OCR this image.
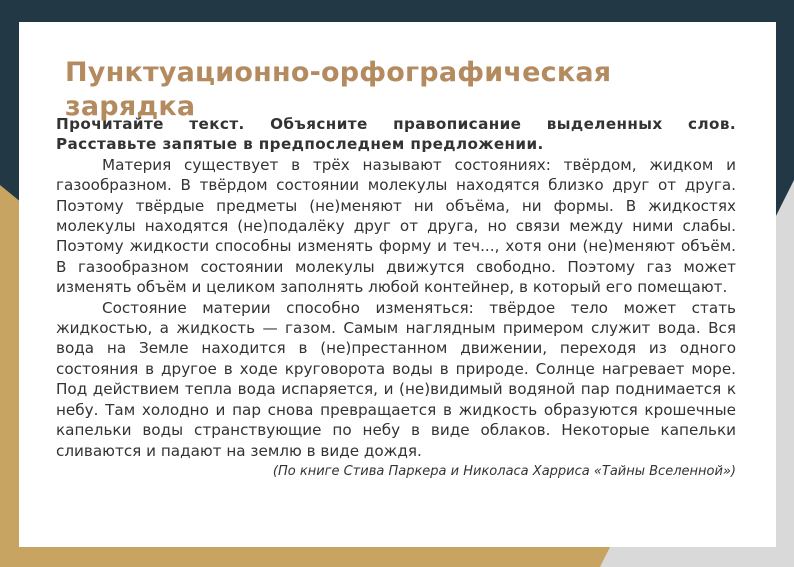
Пунктуационно-орфографическая зарядка
Прочитайте текст. Объясните правописание выделенных слов. Расставьте запятые в предпоследнем предложении.

Материя существует в трёх называют состояниях: твёрдом, жидком и газообразном. В твёрдом состоянии молекулы находятся близко друг от друга. Поэтому твёрдые предметы (не)меняют ни объёма, ни формы. В жидкостях молекулы находятся (не)подалёку друг от друга, но связи между ними слабы. Поэтому жидкости способны изменять форму и теч..., хотя они (не)меняют объём. В газообразном состоянии молекулы движутся свободно. Поэтому газ может изменять объём и целиком заполнять любой контейнер, в который его помещают.

Состояние материи способно изменяться: твёрдое тело может стать жидкостью, а жидкость — газом. Самым наглядным примером служит вода. Вся вода на Земле находится в (не)престанном движении, переходя из одного состояния в другое в ходе круговорота воды в природе. Солнце нагревает море. Под действием тепла вода испаряется, и (не)видимый водяной пар поднимается к небу. Там холодно и пар снова превращается в жидкость образуются крошечные капельки воды странствующие по небу в виде облаков. Некоторые капельки сливаются и падают на землю в виде дождя.

(По книге Стива Паркера и Николаса Харриса «Тайны Вселенной»)
